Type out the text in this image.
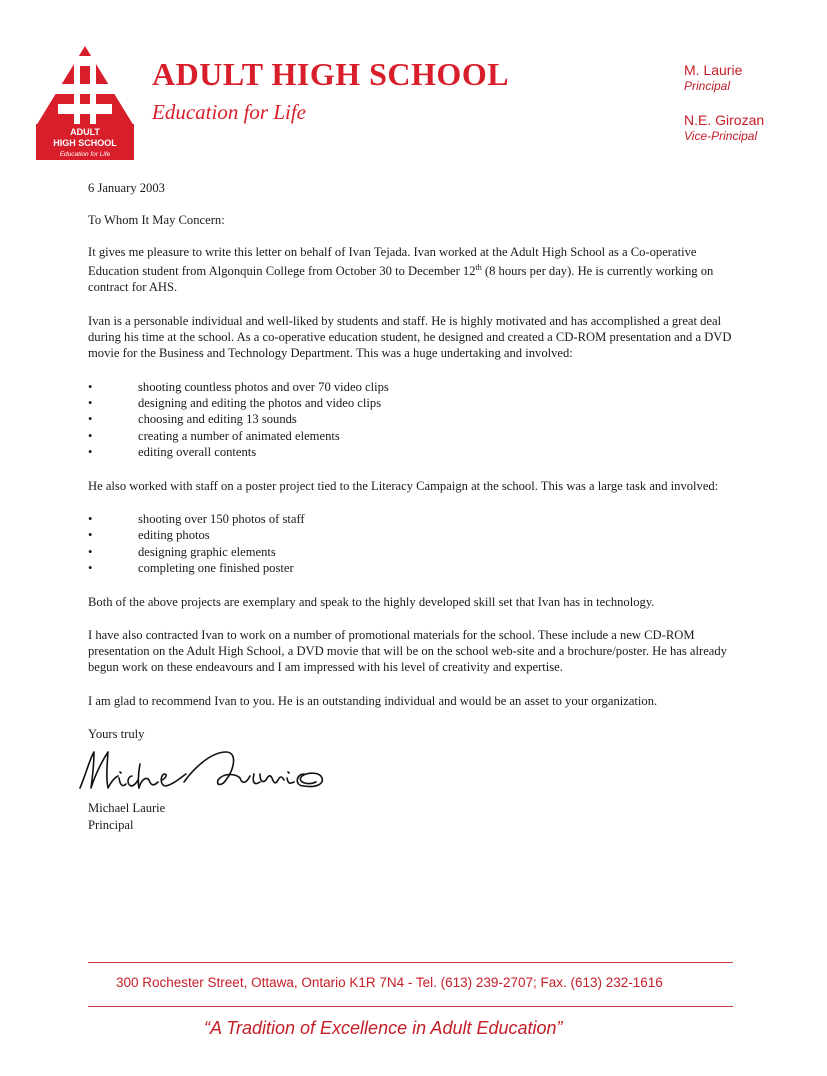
ADULT
HIGH SCHOOL
Education for Life
ADULT HIGH SCHOOL
Education for Life
M. Laurie
Principal
N.E. Girozan
Vice-Principal

6 January 2003

To Whom It May Concern:

It gives me pleasure to write this letter on behalf of Ivan Tejada. Ivan worked at the Adult High School as a Co-operative Education student from Algonquin College from October 30 to December 12th (8 hours per day). He is currently working on contract for AHS.

Ivan is a personable individual and well-liked by students and staff. He is highly motivated and has accomplished a great deal during his time at the school. As a co-operative education student, he designed and created a CD-ROM presentation and a DVD movie for the Business and Technology Department. This was a huge undertaking and involved:

• shooting countless photos and over 70 video clips
• designing and editing the photos and video clips
• choosing and editing 13 sounds
• creating a number of animated elements
• editing overall contents

He also worked with staff on a poster project tied to the Literacy Campaign at the school. This was a large task and involved:

• shooting over 150 photos of staff
• editing photos
• designing graphic elements
• completing one finished poster

Both of the above projects are exemplary and speak to the highly developed skill set that Ivan has in technology.

I have also contracted Ivan to work on a number of promotional materials for the school. These include a new CD-ROM presentation on the Adult High School, a DVD movie that will be on the school web-site and a brochure/poster. He has already begun work on these endeavours and I am impressed with his level of creativity and expertise.

I am glad to recommend Ivan to you. He is an outstanding individual and would be an asset to your organization.

Yours truly

Michael Laurie

Principal

300 Rochester Street, Ottawa, Ontario K1R 7N4 - Tel. (613) 239-2707; Fax. (613) 232-1616
“A Tradition of Excellence in Adult Education”
